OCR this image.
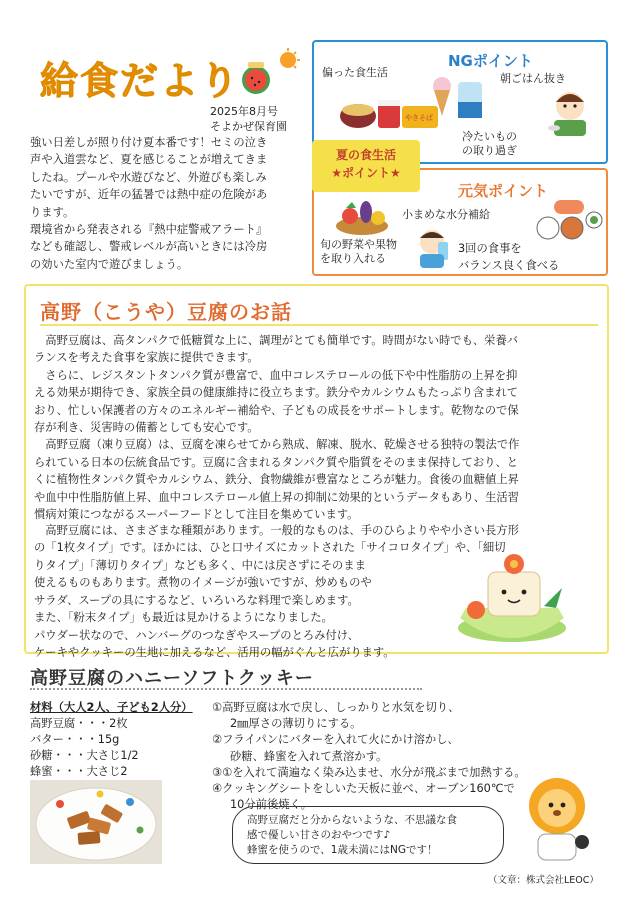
給食だより
2025年8月号
そよかぜ保育園
強い日差しが照り付け夏本番です！セミの泣き
声や入道雲など、夏を感じることが増えてきま
したね。プールや水遊びなど、外遊びも楽しみ
たいですが、近年の猛暑では熱中症の危険があ
ります。
環境省から発表される『熱中症警戒アラート』
なども確認し、警戒レベルが高いときには冷房
の効いた室内で遊びましょう。
NGポイント
偏った食生活	朝ごはん抜き
冷たいもの
の取り過ぎ
やきそば
夏の食生活
★ポイント★
元気ポイント
小まめな水分補給
旬の野菜や果物
を取り入れる
3回の食事を
バランス良く食べる
高野（こうや）豆腐のお話
　高野豆腐は、高タンパクで低糖質な上に、調理がとても簡単です。時間がない時でも、栄養バ
ランスを考えた食事を家族に提供できます。
　さらに、レジスタントタンパク質が豊富で、血中コレステロールの低下や中性脂肪の上昇を抑
える効果が期待でき、家族全員の健康維持に役立ちます。鉄分やカルシウムもたっぷり含まれて
おり、忙しい保護者の方々のエネルギー補給や、子どもの成長をサポートします。乾物なので保
存が利き、災害時の備蓄としても安心です。
　高野豆腐（凍り豆腐）は、豆腐を凍らせてから熟成、解凍、脱水、乾燥させる独特の製法で作
られている日本の伝統食品です。豆腐に含まれるタンパク質や脂質をそのまま保持しており、と
くに植物性タンパク質やカルシウム、鉄分、食物繊維が豊富なところが魅力。食後の血糖値上昇
や血中中性脂肪値上昇、血中コレステロール値上昇の抑制に効果的というデータもあり、生活習
慣病対策につながるスーパーフードとして注目を集めています。
　高野豆腐には、さまざまな種類があります。一般的なものは、手のひらよりやや小さい長方形
の「1枚タイプ」です。ほかには、ひと口サイズにカットされた「サイコロタイプ」や、「細切
りタイプ」「薄切りタイプ」なども多く、中には戻さずにそのまま
使えるものもあります。煮物のイメージが強いですが、炒めものや
サラダ、スープの具にするなど、いろいろな料理で楽しめます。
また、「粉末タイプ」も最近は見かけるようになりました。
パウダー状なので、ハンバーグのつなぎやスープのとろみ付け、
ケーキやクッキーの生地に加えるなど、活用の幅がぐんと広がります。
高野豆腐のハニーソフトクッキー
材料（大人2人、子ども2人分）
高野豆腐・・・2枚
バター・・・15g
砂糖・・・大さじ1/2
蜂蜜・・・大さじ2
①高野豆腐は水で戻し、しっかりと水気を切り、
2㎜厚さの薄切りにする。
②フライパンにバターを入れて火にかけ溶かし、
砂糖、蜂蜜を入れて煮溶かす。
③①を入れて満遍なく染み込ませ、水分が飛ぶまで加熱する。
④クッキングシートをしいた天板に並べ、オーブン160℃で
10分前後焼く。
高野豆腐だと分からないような、不思議な食
感で優しい甘さのおやつです♪
蜂蜜を使うので、1歳未満にはNGです！
（文章：株式会社LEOC）
